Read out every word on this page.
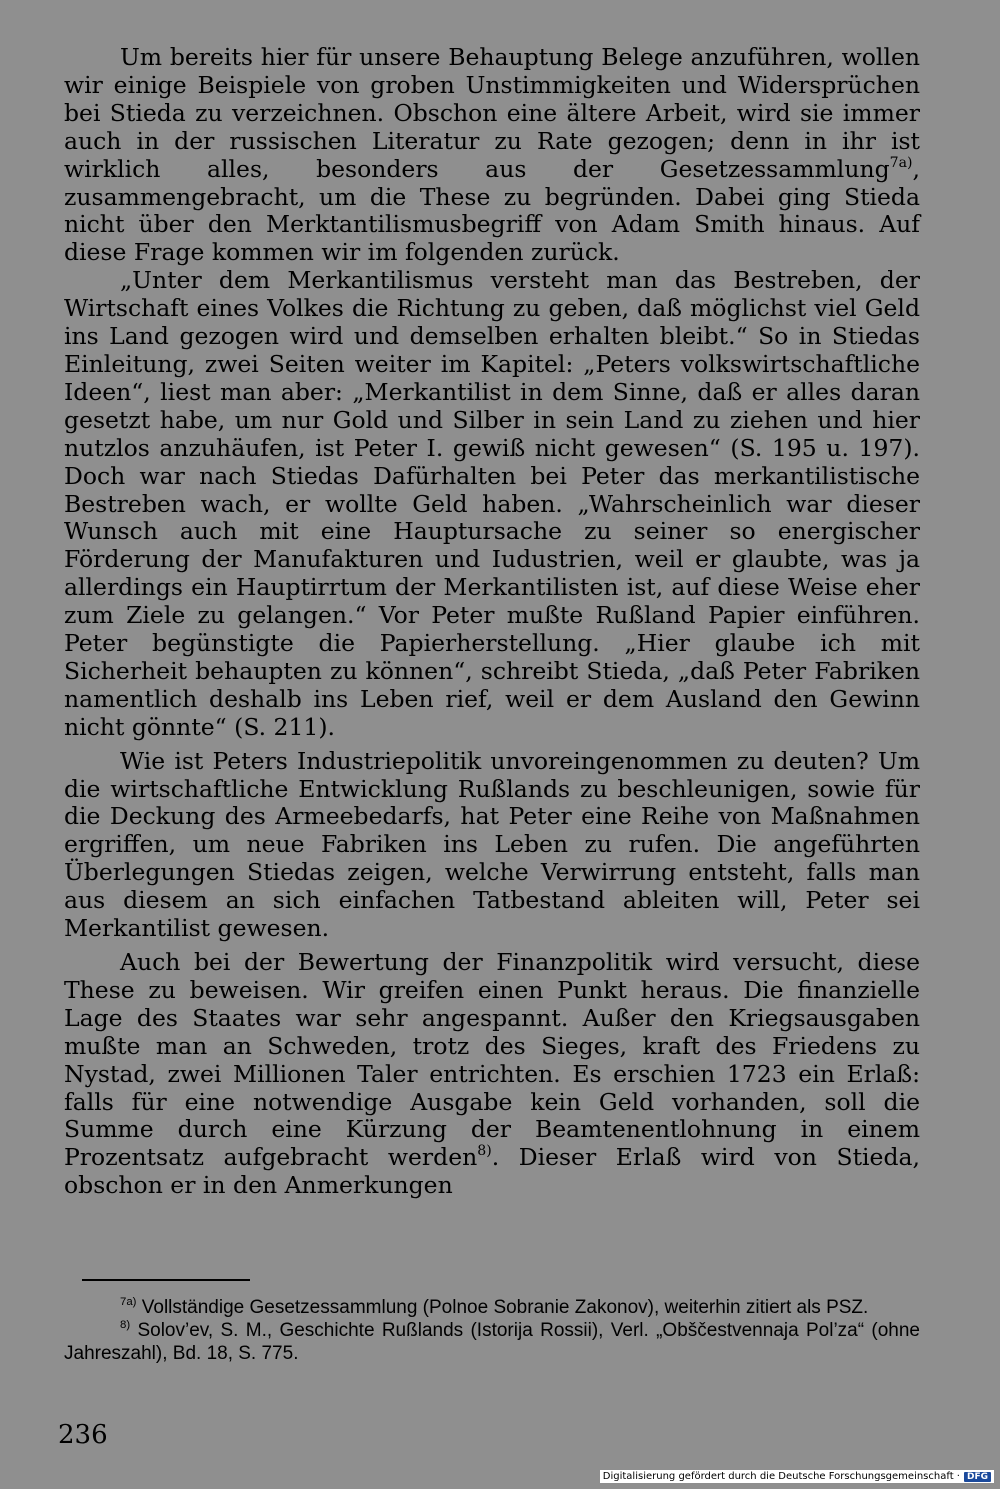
Um bereits hier für unsere Behauptung Belege anzuführen, wollen wir einige Beispiele von groben Unstimmigkeiten und Widersprüchen bei Stieda zu verzeichnen. Obschon eine ältere Arbeit, wird sie immer auch in der russischen Literatur zu Rate gezogen; denn in ihr ist wirklich alles, besonders aus der Gesetzessammlung$^{7a)}$, zusammengebracht, um die These zu begründen. Dabei ging Stieda nicht über den Merktantilismusbegriff von Adam Smith hinaus. Auf diese Frage kommen wir im folgenden zurück.

„Unter dem Merkantilismus versteht man das Bestreben, der Wirtschaft eines Volkes die Richtung zu geben, daß möglichst viel Geld ins Land gezogen wird und demselben erhalten bleibt.“ So in Stiedas Einleitung, zwei Seiten weiter im Kapitel: „Peters volkswirtschaftliche Ideen“, liest man aber: „Merkantilist in dem Sinne, daß er alles daran gesetzt habe, um nur Gold und Silber in sein Land zu ziehen und hier nutzlos anzuhäufen, ist Peter I. gewiß nicht gewesen“ (S. 195 u. 197). Doch war nach Stiedas Dafürhalten bei Peter das merkantilistische Bestreben wach, er wollte Geld haben. „Wahrscheinlich war dieser Wunsch auch mit eine Hauptursache zu seiner so energischer Förderung der Manufakturen und Iudustrien, weil er glaubte, was ja allerdings ein Hauptirrtum der Merkantilisten ist, auf diese Weise eher zum Ziele zu gelangen.“ Vor Peter mußte Rußland Papier einführen. Peter begünstigte die Papierherstellung. „Hier glaube ich mit Sicherheit behaupten zu können“, schreibt Stieda, „daß Peter Fabriken namentlich deshalb ins Leben rief, weil er dem Ausland den Gewinn nicht gönnte“ (S. 211).

Wie ist Peters Industriepolitik unvoreingenommen zu deuten? Um die wirtschaftliche Entwicklung Rußlands zu beschleunigen, sowie für die Deckung des Armeebedarfs, hat Peter eine Reihe von Maßnahmen ergriffen, um neue Fabriken ins Leben zu rufen. Die angeführten Überlegungen Stiedas zeigen, welche Verwirrung entsteht, falls man aus diesem an sich einfachen Tatbestand ableiten will, Peter sei Merkantilist gewesen.

Auch bei der Bewertung der Finanzpolitik wird versucht, diese These zu beweisen. Wir greifen einen Punkt heraus. Die finanzielle Lage des Staates war sehr angespannt. Außer den Kriegsausgaben mußte man an Schweden, trotz des Sieges, kraft des Friedens zu Nystad, zwei Millionen Taler entrichten. Es erschien 1723 ein Erlaß: falls für eine notwendige Ausgabe kein Geld vorhanden, soll die Summe durch eine Kürzung der Beamtenentlohnung in einem Prozentsatz aufgebracht werden$^{8)}$. Dieser Erlaß wird von Stieda, obschon er in den Anmerkungen

$^{7a)}$ Vollständige Gesetzessammlung (Polnoe Sobranie Zakonov), weiterhin zitiert als PSZ.

$^{8)}$ Solov’ev, S. M., Geschichte Rußlands (Istorija Rossii), Verl. „Obščestvennaja Pol’za“ (ohne Jahreszahl), Bd. 18, S. 775.

236
Digitalisierung gefördert durch die Deutsche Forschungsgemeinschaft · DFG
